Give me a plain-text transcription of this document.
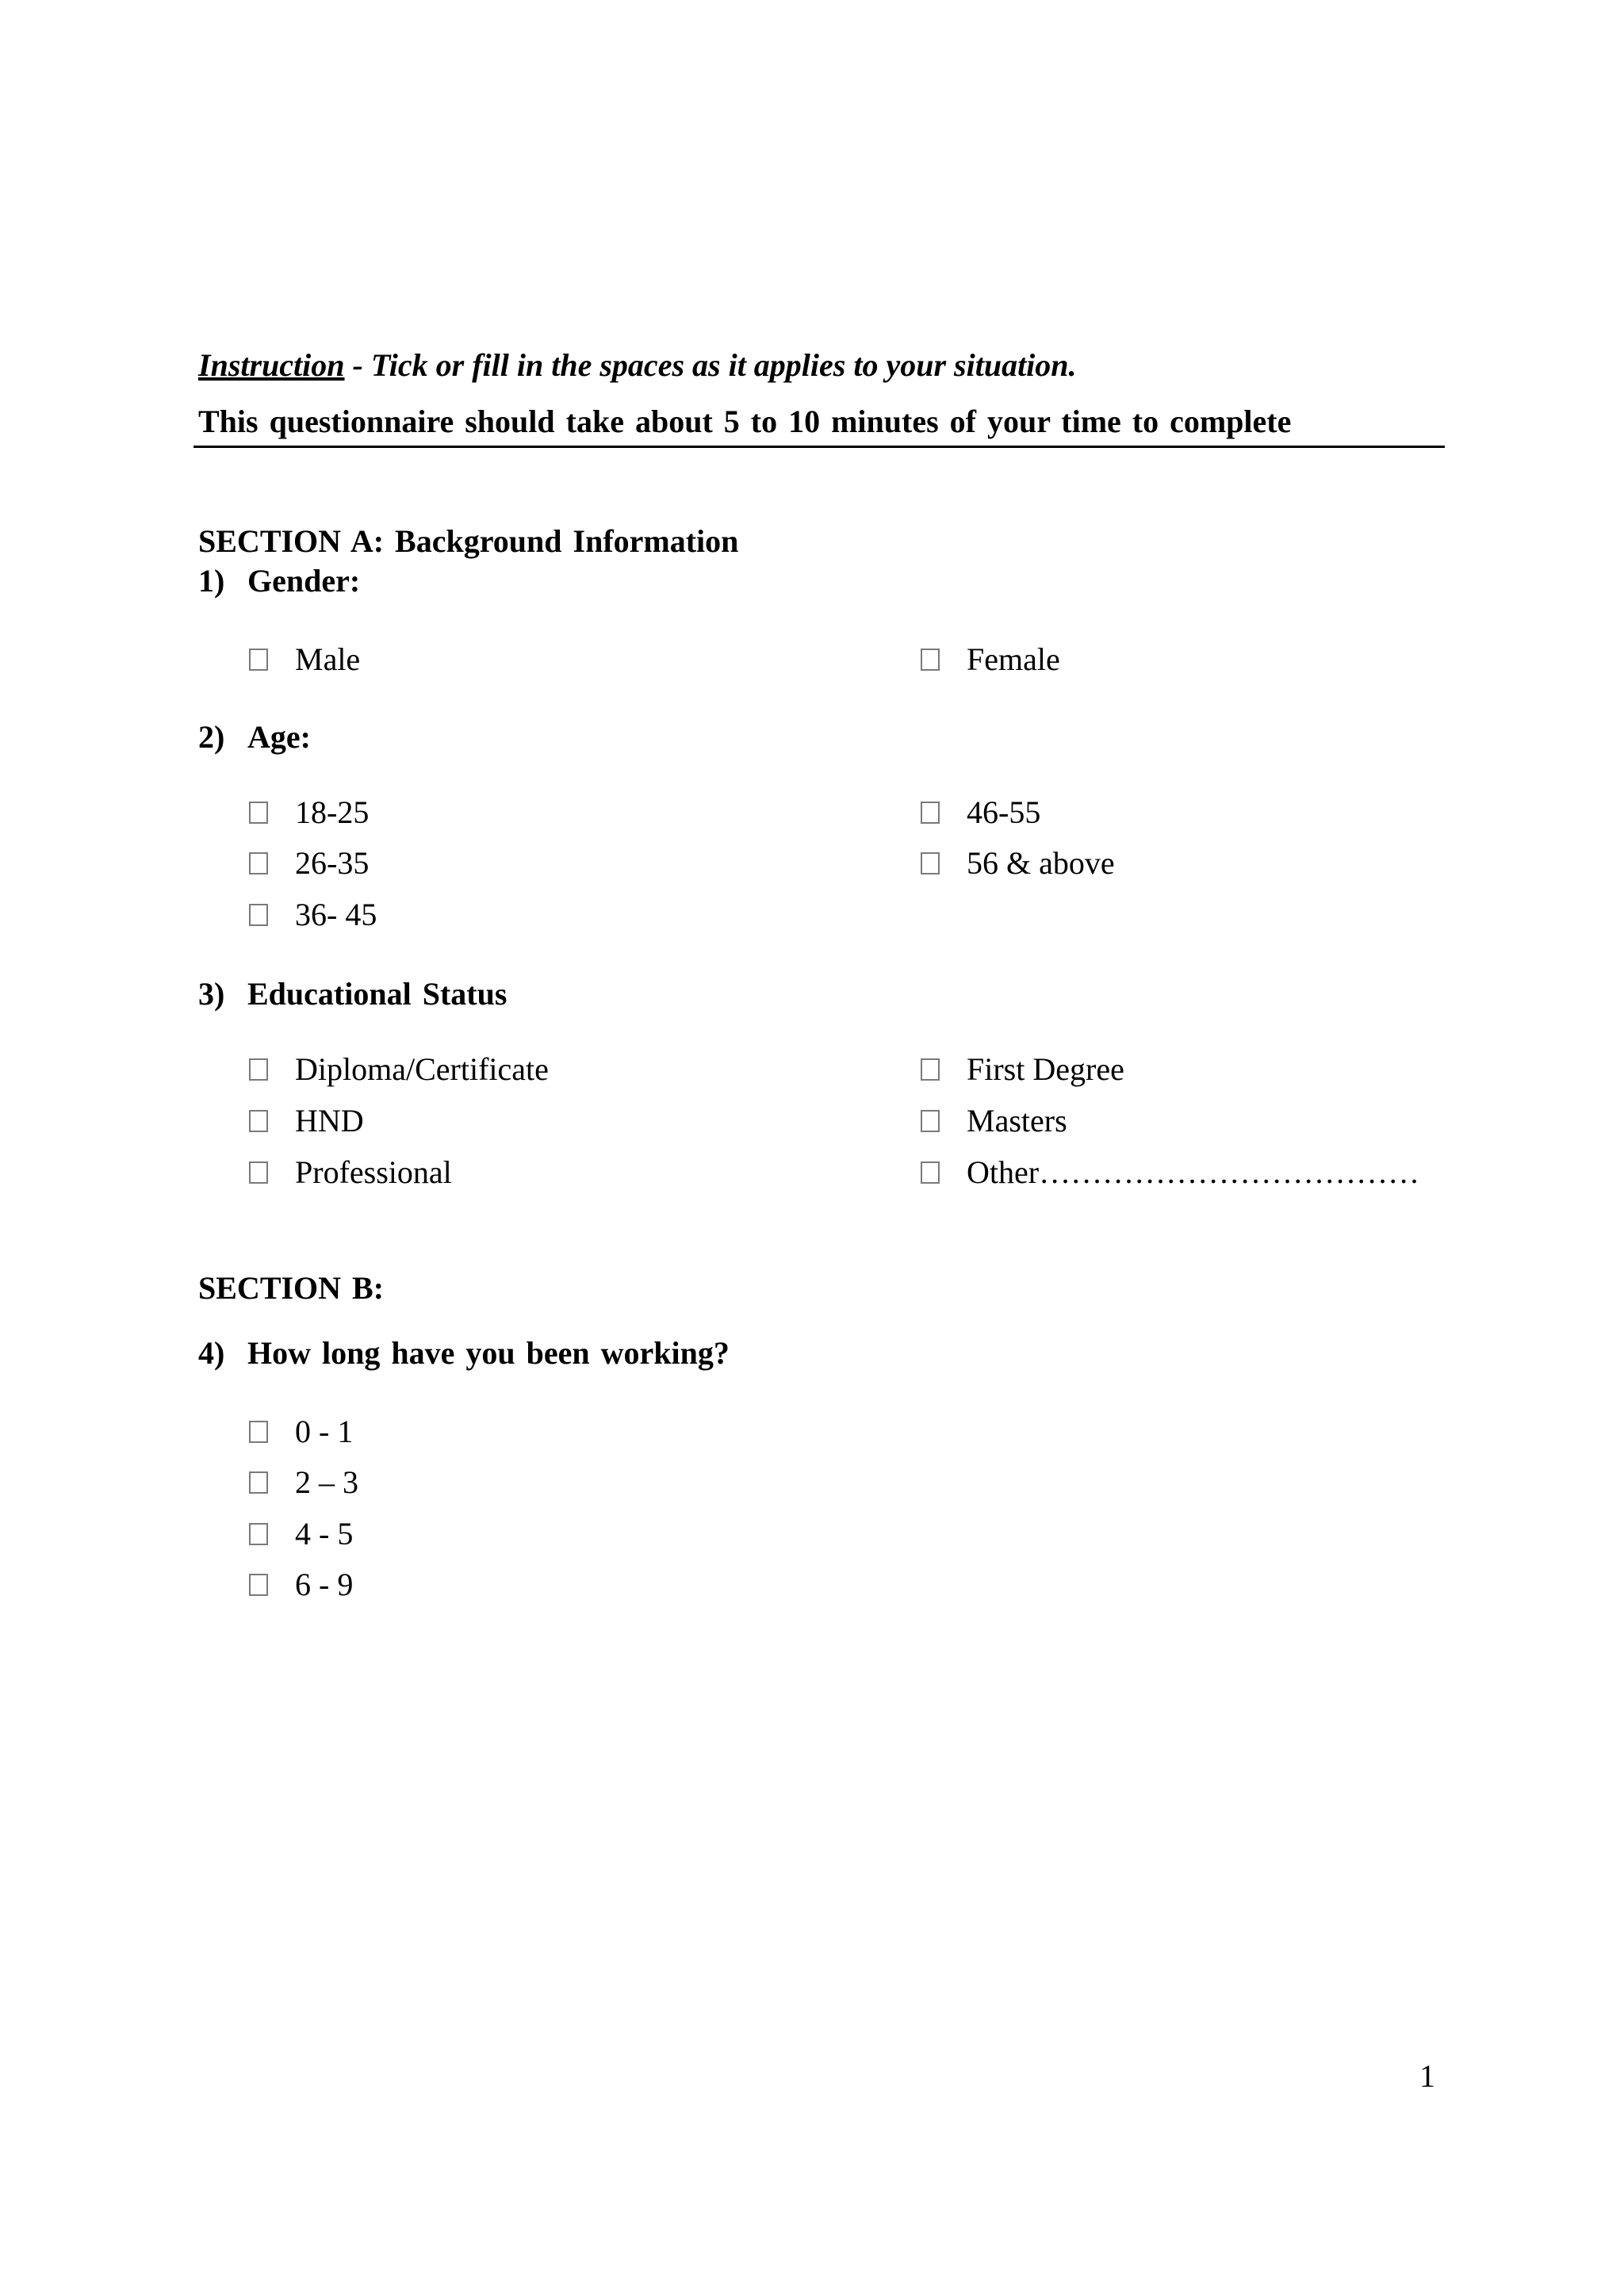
Instruction - Tick or fill in the spaces as it applies to your situation.
This questionnaire should take about 5 to 10 minutes of your time to complete
SECTION A: Background Information
1) Gender:
Male	Female
2) Age:
18-25
26-35
36- 45
46-55
56 & above
3) Educational Status
Diploma/Certificate
HND
Professional
First Degree
Masters
Other………………………………
SECTION B:
4) How long have you been working?
0 - 1
2 – 3
4 - 5
6 - 9
1
